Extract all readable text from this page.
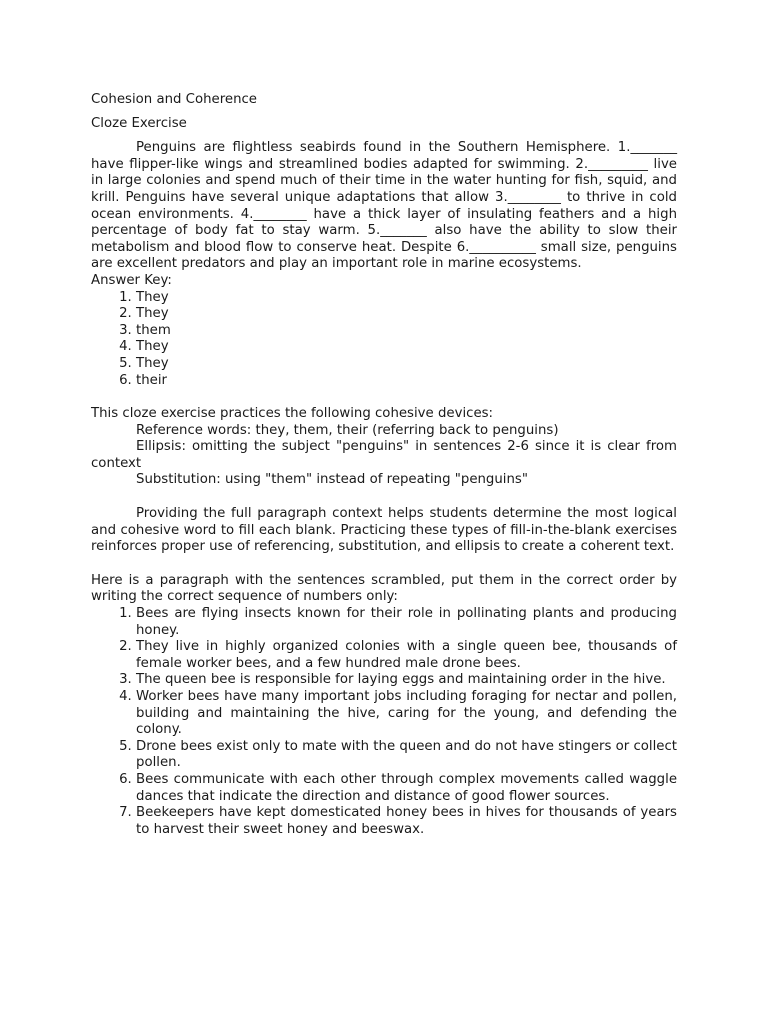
Cohesion and Coherence

Cloze Exercise

Penguins are flightless seabirds found in the Southern Hemisphere. 1._______ have flipper-like wings and streamlined bodies adapted for swimming. 2._________ live in large colonies and spend much of their time in the water hunting for fish, squid, and krill. Penguins have several unique adaptations that allow 3.________ to thrive in cold ocean environments. 4.________ have a thick layer of insulating feathers and a high percentage of body fat to stay warm. 5._______ also have the ability to slow their metabolism and blood flow to conserve heat. Despite 6.__________ small size, penguins are excellent predators and play an important role in marine ecosystems.

Answer Key:

1. They
2. They
3. them
4. They
5. They
6. their

This cloze exercise practices the following cohesive devices:

Reference words: they, them, their (referring back to penguins)

Ellipsis: omitting the subject "penguins" in sentences 2-6 since it is clear from context

Substitution: using "them" instead of repeating "penguins"

Providing the full paragraph context helps students determine the most logical and cohesive word to fill each blank. Practicing these types of fill-in-the-blank exercises reinforces proper use of referencing, substitution, and ellipsis to create a coherent text.

Here is a paragraph with the sentences scrambled, put them in the correct order by writing the correct sequence of numbers only:

1. Bees are flying insects known for their role in pollinating plants and producing honey.
2. They live in highly organized colonies with a single queen bee, thousands of female worker bees, and a few hundred male drone bees.
3. The queen bee is responsible for laying eggs and maintaining order in the hive.
4. Worker bees have many important jobs including foraging for nectar and pollen, building and maintaining the hive, caring for the young, and defending the colony.
5. Drone bees exist only to mate with the queen and do not have stingers or collect pollen.
6. Bees communicate with each other through complex movements called waggle dances that indicate the direction and distance of good flower sources.
7. Beekeepers have kept domesticated honey bees in hives for thousands of years to harvest their sweet honey and beeswax.
